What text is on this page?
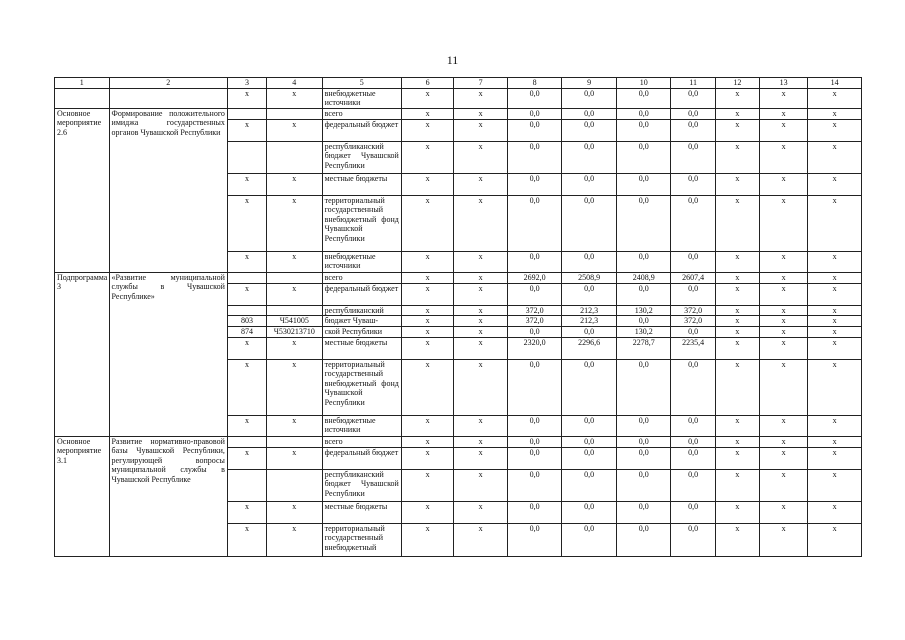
11
1	2	3	4	5	6	7	8	9	10	11	12	13	14
		х	х	внебюджетные источники	х	х	0,0	0,0	0,0	0,0	х	х	х
Основное мероприятие 2.6	Формирование положительного имиджа государственных органов Чувашской Республики			всего	х	х	0,0	0,0	0,0	0,0	х	х	х
		х	х	федеральный бюджет	х	х	0,0	0,0	0,0	0,0	х	х	х
				республиканский бюджет Чувашской Республики	х	х	0,0	0,0	0,0	0,0	х	х	х
		х	х	местные бюджеты	х	х	0,0	0,0	0,0	0,0	х	х	х
		х	х	территориальный государственный внебюджетный фонд Чувашской Республики	х	х	0,0	0,0	0,0	0,0	х	х	х
		х	х	внебюджетные источники	х	х	0,0	0,0	0,0	0,0	х	х	х
Подпрограмма 3	«Развитие муниципальной службы в Чувашской Республике»			всего	х	х	2692,0	2508,9	2408,9	2607,4	х	х	х
		х	х	федеральный бюджет	х	х	0,0	0,0	0,0	0,0	х	х	х
				республиканский	х	х	372,0	212,3	130,2	372,0	х	х	х
		803	Ч541005	бюджет Чуваш-	х	х	372,0	212,3	0,0	372,0	х	х	х
		874	Ч530213710	ской Республики	х	х	0,0	0,0	130,2	0,0	х	х	х
		х	х	местные бюджеты	х	х	2320,0	2296,6	2278,7	2235,4	х	х	х
		х	х	территориальный государственный внебюджетный фонд Чувашской Республики	х	х	0,0	0,0	0,0	0,0	х	х	х
		х	х	внебюджетные источники	х	х	0,0	0,0	0,0	0,0	х	х	х
Основное мероприятие 3.1	Развитие нормативно-правовой базы Чувашской Республики, регулирующей вопросы муниципальной службы в Чувашской Республике			всего	х	х	0,0	0,0	0,0	0,0	х	х	х
		х	х	федеральный бюджет	х	х	0,0	0,0	0,0	0,0	х	х	х
				республиканский бюджет Чувашской Республики	х	х	0,0	0,0	0,0	0,0	х	х	х
		х	х	местные бюджеты	х	х	0,0	0,0	0,0	0,0	х	х	х
		х	х	территориальный государственный внебюджетный	х	х	0,0	0,0	0,0	0,0	х	х	х
